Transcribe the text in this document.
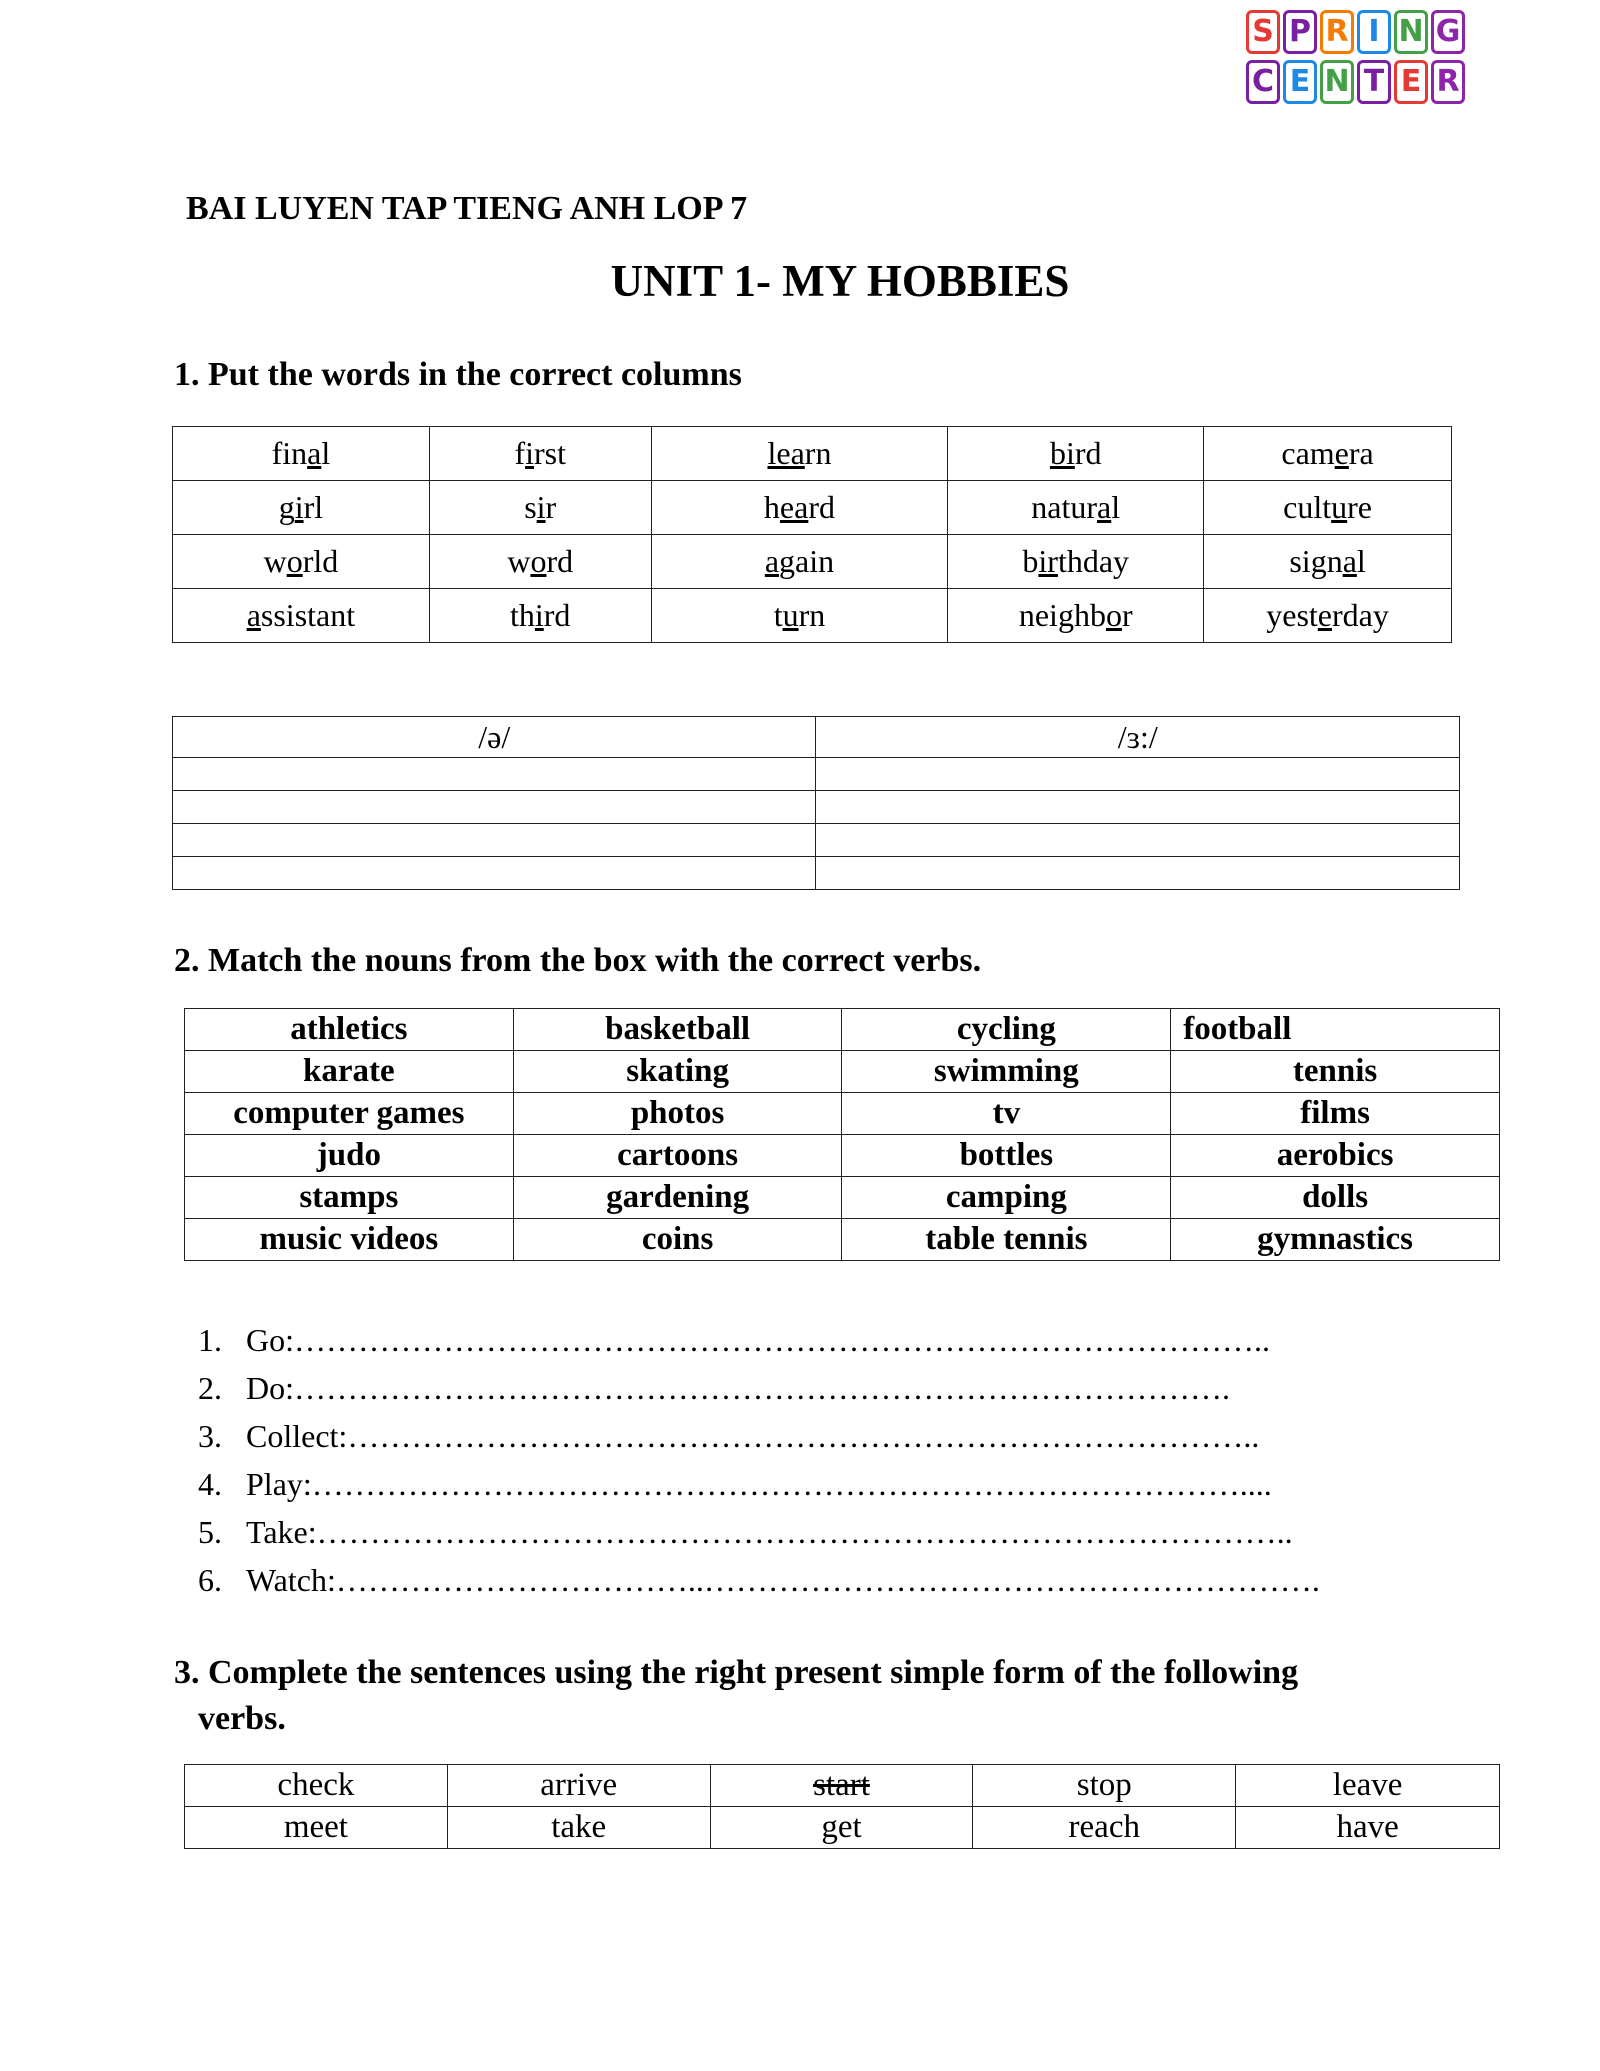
S P R I N G
C E N T E R
BAI LUYEN TAP TIENG ANH LOP 7
UNIT 1- MY HOBBIES
1. Put the words in the correct columns
final	first	learn	bird	camera
girl	sir	heard	natural	culture
world	word	again	birthday	signal
assistant	third	turn	neighbor	yesterday
/ə/	/ɜ:/

2. Match the nouns from the box with the correct verbs.
athletics	basketball	cycling	football
karate	skating	swimming	tennis
computer games	photos	tv	films
judo	cartoons	bottles	aerobics
stamps	gardening	camping	dolls
music videos	coins	table tennis	gymnastics
1. Go: ………………………………………………………………………………..
2. Do: …………………………………………………………………………….
3. Collect: …………………………………………………………………………..
4. Play: ……………………………………………………………………………....
5. Take: ………………………………………………………………………………..
6. Watch: ……………………………..………………………………………………….
3. Complete the sentences using the right present simple form of the following
verbs.
check	arrive	start	stop	leave
meet	take	get	reach	have
